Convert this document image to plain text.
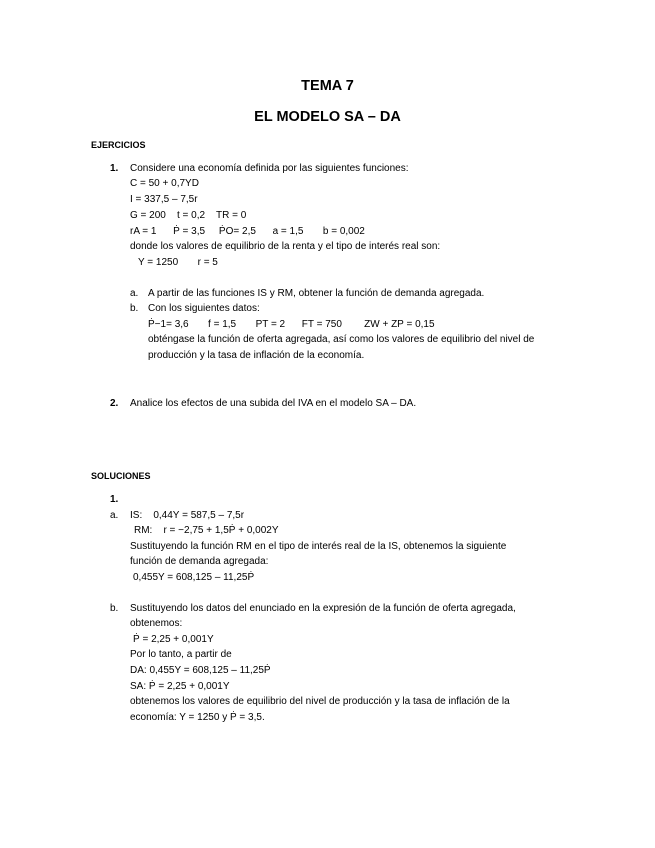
TEMA 7
EL MODELO SA – DA
EJERCICIOS
1. Considere una economía definida por las siguientes funciones:
C = 50 + 0,7YD
I = 337,5 – 7,5r
G = 200    t = 0,2    TR = 0
rA = 1      Ṗ = 3,5     ṖO= 2,5      a = 1,5       b = 0,002
donde los valores de equilibrio de la renta y el tipo de interés real son:
Y = 1250       r = 5
a. A partir de las funciones IS y RM, obtener la función de demanda agregada.
b. Con los siguientes datos:
Ṗ−1= 3,6       f = 1,5       PT = 2      FT = 750        ZW + ZP = 0,15
obténgase la función de oferta agregada, así como los valores de equilibrio del nivel de
producción y la tasa de inflación de la economía.
2. Analice los efectos de una subida del IVA en el modelo SA – DA.
SOLUCIONES
1.
a. IS:    0,44Y = 587,5 – 7,5r
RM:    r = −2,75 + 1,5Ṗ + 0,002Y
Sustituyendo la función RM en el tipo de interés real de la IS, obtenemos la siguiente
función de demanda agregada:
0,455Y = 608,125 – 11,25Ṗ
b. Sustituyendo los datos del enunciado en la expresión de la función de oferta agregada,
obtenemos:
Ṗ = 2,25 + 0,001Y
Por lo tanto, a partir de
DA: 0,455Y = 608,125 – 11,25Ṗ
SA: Ṗ = 2,25 + 0,001Y
obtenemos los valores de equilibrio del nivel de producción y la tasa de inflación de la
economía: Y = 1250 y Ṗ = 3,5.
